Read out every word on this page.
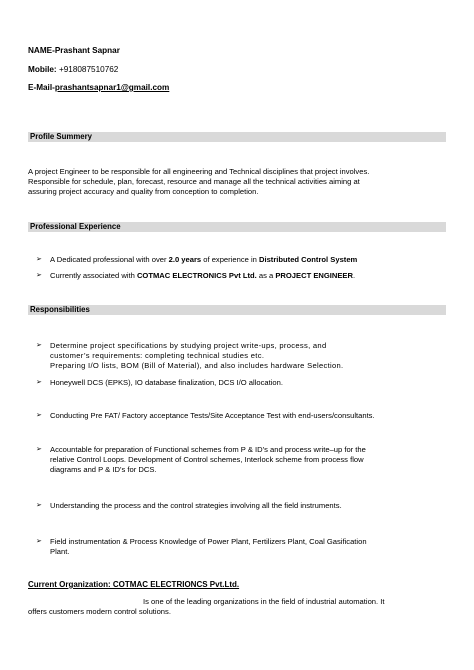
NAME-Prashant Sapnar
Mobile: +918087510762
E-Mail-prashantsapnar1@gmail.com
Profile Summery
A project Engineer to be responsible for all engineering and Technical disciplines that project involves.
Responsible for schedule, plan, forecast, resource and manage all the technical activities aiming at
assuring project accuracy and quality from conception to completion.
Professional Experience
➢ A Dedicated professional with over 2.0 years of experience in Distributed Control System
➢ Currently associated with COTMAC ELECTRONICS Pvt Ltd. as a PROJECT ENGINEER.
Responsibilities
➢ Determine project specifications by studying project write-ups, process, and
customer’s requirements: completing technical studies etc.
Preparing I/O lists, BOM (Bill of Material), and also includes hardware Selection.
➢ Honeywell DCS (EPKS), IO database finalization, DCS I/O allocation.
➢ Conducting Pre FAT/ Factory acceptance Tests/Site Acceptance Test with end-users/consultants.
➢ Accountable for preparation of Functional schemes from P & ID’s and process write–up for the
relative Control Loops. Development of Control schemes, Interlock scheme from process flow
diagrams and P & ID’s for DCS.
➢ Understanding the process and the control strategies involving all the field instruments.
➢ Field instrumentation & Process Knowledge of Power Plant, Fertilizers Plant, Coal Gasification
Plant.
Current Organization: COTMAC ELECTRIONCS Pvt.Ltd.
Is one of the leading organizations in the field of industrial automation. It
offers customers modern control solutions.
